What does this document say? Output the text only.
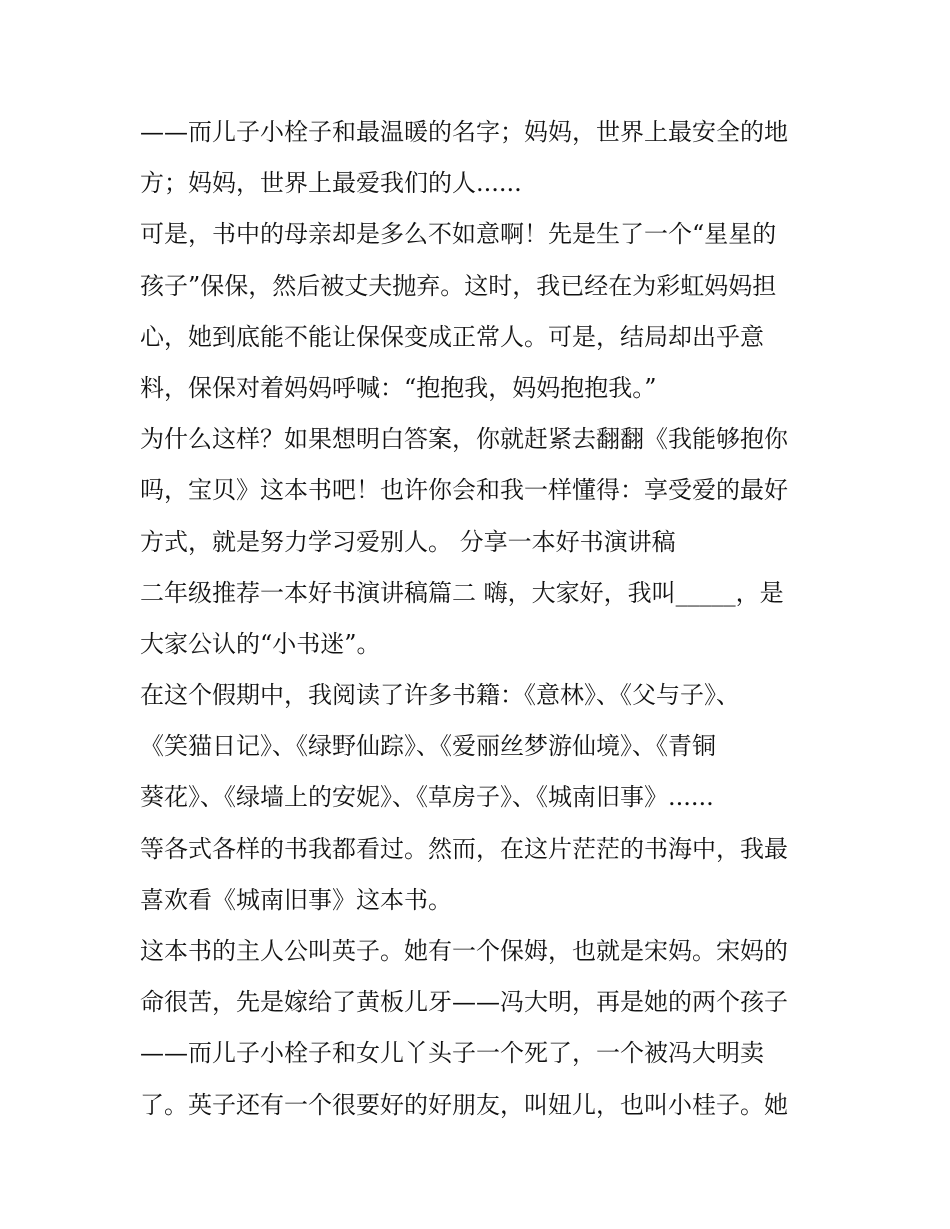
——而儿子小栓子和最温暖的名字；妈妈，世界上最安全的地
方；妈妈，世界上最爱我们的人......
可是，书中的母亲却是多么不如意啊！先是生了一个“星星的
孩子”保保，然后被丈夫抛弃。这时，我已经在为彩虹妈妈担
心，她到底能不能让保保变成正常人。可是，结局却出乎意
料，保保对着妈妈呼喊：“抱抱我，妈妈抱抱我。”
为什么这样？如果想明白答案，你就赶紧去翻翻《我能够抱你
吗，宝贝》这本书吧！也许你会和我一样懂得：享受爱的最好
方式，就是努力学习爱别人。 分享一本好书演讲稿
二年级推荐一本好书演讲稿篇二 嗨，大家好，我叫_____，是
大家公认的“小书迷”。
在这个假期中，我阅读了许多书籍：《意林》、《父与子》、
《笑猫日记》、《绿野仙踪》、《爱丽丝梦游仙境》、《青铜
葵花》、《绿墙上的安妮》、《草房子》、《城南旧事》......
等各式各样的书我都看过。然而，在这片茫茫的书海中，我最
喜欢看《城南旧事》这本书。
这本书的主人公叫英子。她有一个保姆，也就是宋妈。宋妈的
命很苦，先是嫁给了黄板儿牙——冯大明，再是她的两个孩子
——而儿子小栓子和女儿丫头子一个死了，一个被冯大明卖
了。英子还有一个很要好的好朋友，叫妞儿，也叫小桂子。她
